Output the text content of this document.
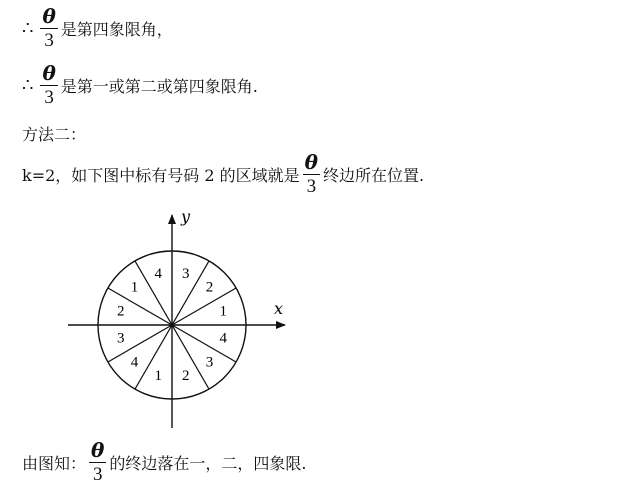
∴ $\frac{\theta}{3}$ 是第四象限角，
∴ $\frac{\theta}{3}$ 是第一或第二或第四象限角.
方法二：
k=2，如下图中标有号码 2 的区域就是 $\frac{\theta}{3}$ 终边所在位置.
1
2
3
4
1
2
3
4
1 2
3
4
x
y
由图知： $\frac{\theta}{3}$ 的终边落在一，二，四象限.
